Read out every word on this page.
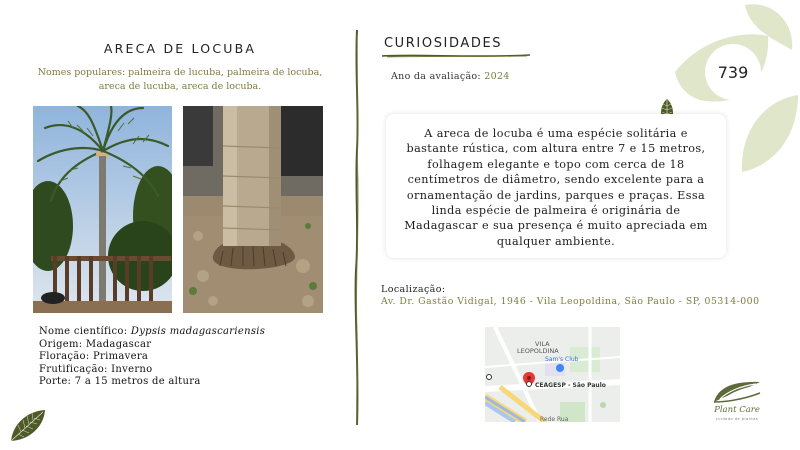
739
ARECA DE LOCUBA
Nomes populares: palmeira de lucuba, palmeira de locuba, areca de lucuba, areca de locuba.
Nome científico: Dypsis madagascariensis
Origem: Madagascar
Floração: Primavera
Frutificação: Inverno
Porte: 7 a 15 metros de altura
CURIOSIDADES
Ano da avaliação: 2024
A areca de locuba é uma espécie solitária e bastante rústica, com altura entre 7 e 15 metros, folhagem elegante e topo com cerca de 18 centímetros de diâmetro, sendo excelente para a ornamentação de jardins, parques e praças. Essa linda espécie de palmeira é originária de Madagascar e sua presença é muito apreciada em qualquer ambiente.
Localização:
Av. Dr. Gastão Vidigal, 1946 - Vila Leopoldina, São Paulo - SP, 05314-000
VILA
LEOPOLDINA
Sam's Club
CEAGESP - São Paulo
Rede Rua
Plant Care
cuidado de plantas
